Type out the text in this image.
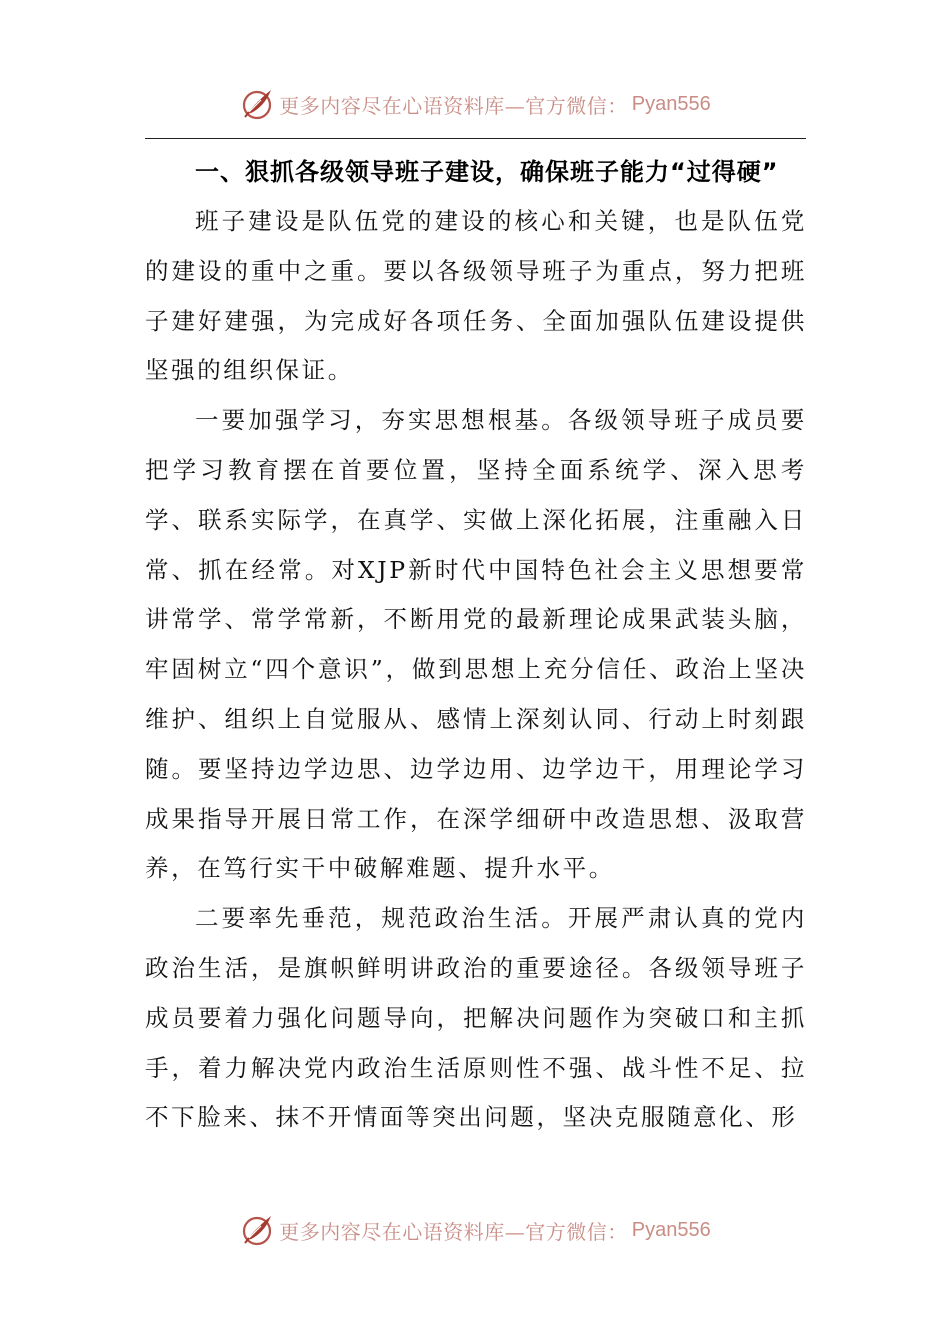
更多内容尽在心语资料库—官方微信： Pyan556
一、狠抓各级领导班子建设，确保班子能力“过得硬”

班子建设是队伍党的建设的核心和关键，也是队伍党的建设的重中之重。要以各级领导班子为重点，努力把班子建好建强，为完成好各项任务、全面加强队伍建设提供坚强的组织保证。

一要加强学习，夯实思想根基。各级领导班子成员要把学习教育摆在首要位置，坚持全面系统学、深入思考学、联系实际学，在真学、实做上深化拓展，注重融入日常、抓在经常。对XJP新时代中国特色社会主义思想要常讲常学、常学常新，不断用党的最新理论成果武装头脑，牢固树立“四个意识”，做到思想上充分信任、政治上坚决维护、组织上自觉服从、感情上深刻认同、行动上时刻跟随。要坚持边学边思、边学边用、边学边干，用理论学习成果指导开展日常工作，在深学细研中改造思想、汲取营养，在笃行实干中破解难题、提升水平。

二要率先垂范，规范政治生活。开展严肃认真的党内政治生活，是旗帜鲜明讲政治的重要途径。各级领导班子成员要着力强化问题导向，把解决问题作为突破口和主抓手，着力解决党内政治生活原则性不强、战斗性不足、拉不下脸来、抹不开情面等突出问题，坚决克服随意化、形

更多内容尽在心语资料库—官方微信： Pyan556
